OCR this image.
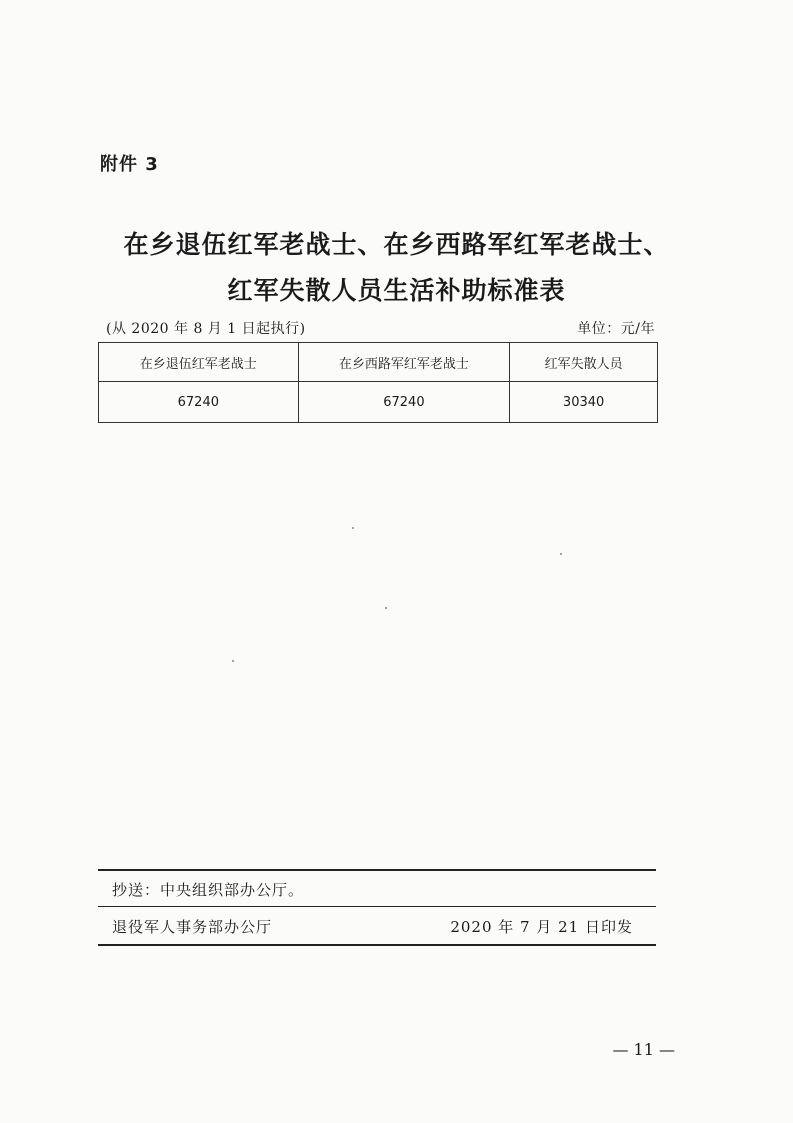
附件 3
在乡退伍红军老战士、在乡西路军红军老战士、
红军失散人员生活补助标准表
(从 2020 年 8 月 1 日起执行)	单位：元/年
在乡退伍红军老战士	在乡西路军红军老战士	红军失散人员
67240	67240	30340
抄送：中央组织部办公厅。
退役军人事务部办公厅	2020 年 7 月 21 日印发
— 11 —
